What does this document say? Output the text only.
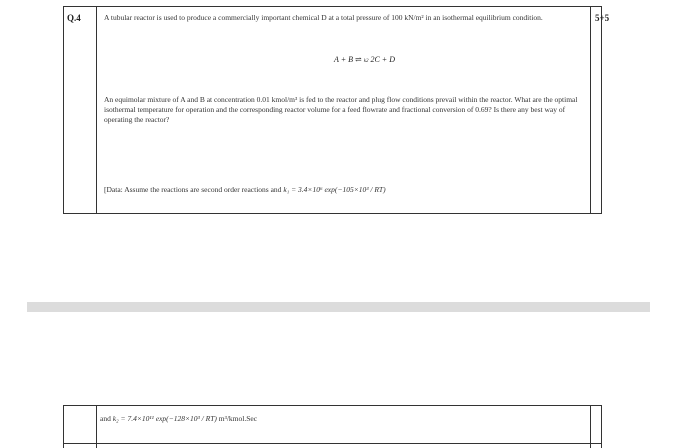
Q.4	5+5
A tubular reactor is used to produce a commercially important chemical D at a total pressure of 100 kN/m² in an isothermal equilibrium condition.
A + B ⇌ k2 2C + D
An equimolar mixture of A and B at concentration 0.01 kmol/m³ is fed to the reactor and plug flow conditions prevail within the reactor. What are the optimal isothermal temperature for operation and the corresponding reactor volume for a feed flowrate and fractional conversion of 0.69? Is there any best way of operating the reactor?
[Data: Assume the reactions are second order reactions and k₁ = 3.4×10⁶ exp(−105×10³ / RT)
and k₂ = 7.4×10¹¹ exp(−128×10³ / RT) m³/kmol.Sec
